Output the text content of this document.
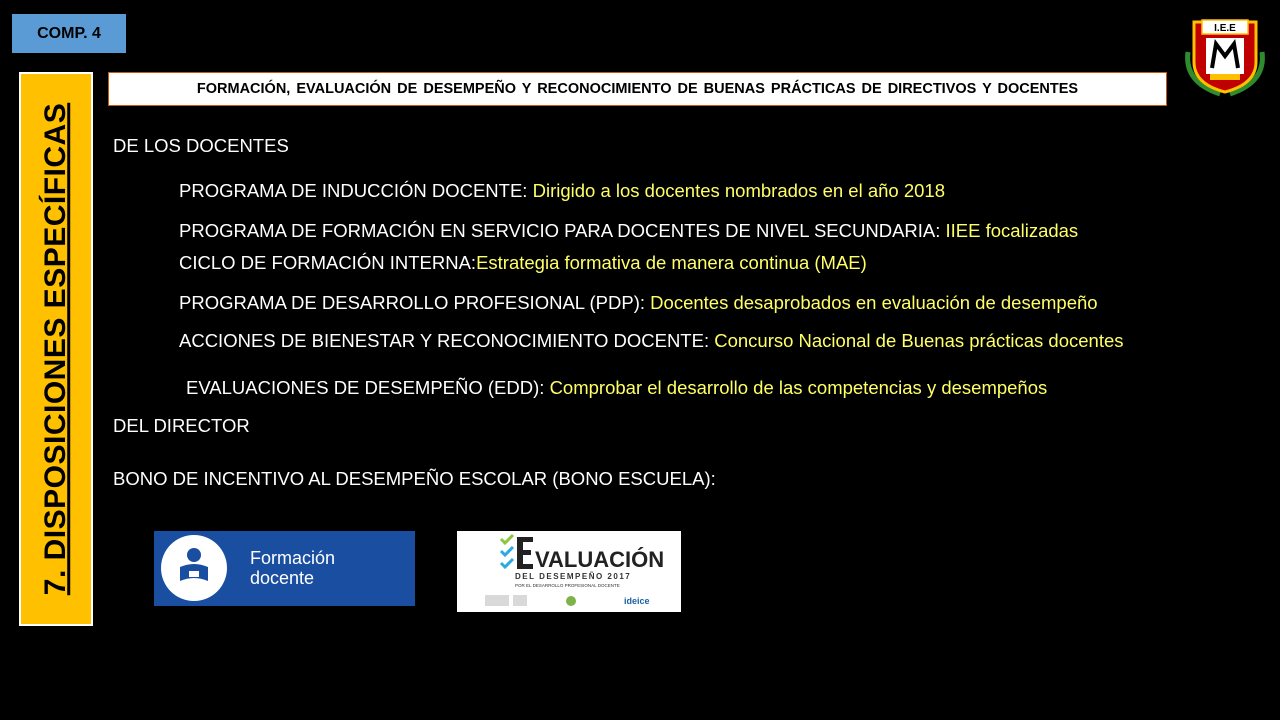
COMP. 4
7. DISPOSICIONES ESPECÍFICAS
FORMACIÓN, EVALUACIÓN DE DESEMPEÑO Y RECONOCIMIENTO DE BUENAS PRÁCTICAS DE DIRECTIVOS Y DOCENTES
I.E.E
DE LOS DOCENTES
PROGRAMA DE INDUCCIÓN DOCENTE: Dirigido a los docentes nombrados en el año 2018
PROGRAMA DE FORMACIÓN EN SERVICIO PARA DOCENTES DE NIVEL SECUNDARIA: IIEE focalizadas
CICLO DE FORMACIÓN INTERNA:Estrategia formativa de manera continua (MAE)
PROGRAMA DE DESARROLLO PROFESIONAL (PDP): Docentes desaprobados en evaluación de desempeño
ACCIONES DE BIENESTAR Y RECONOCIMIENTO DOCENTE: Concurso Nacional de Buenas prácticas docentes
EVALUACIONES DE DESEMPEÑO (EDD): Comprobar el desarrollo de las competencias y desempeños
DEL DIRECTOR
BONO DE INCENTIVO AL DESEMPEÑO ESCOLAR (BONO ESCUELA):
Formación
docente
VALUACIÓN
DEL DESEMPEÑO 2017
POR EL DESARROLLO PROFESIONAL DOCENTE
ideice
